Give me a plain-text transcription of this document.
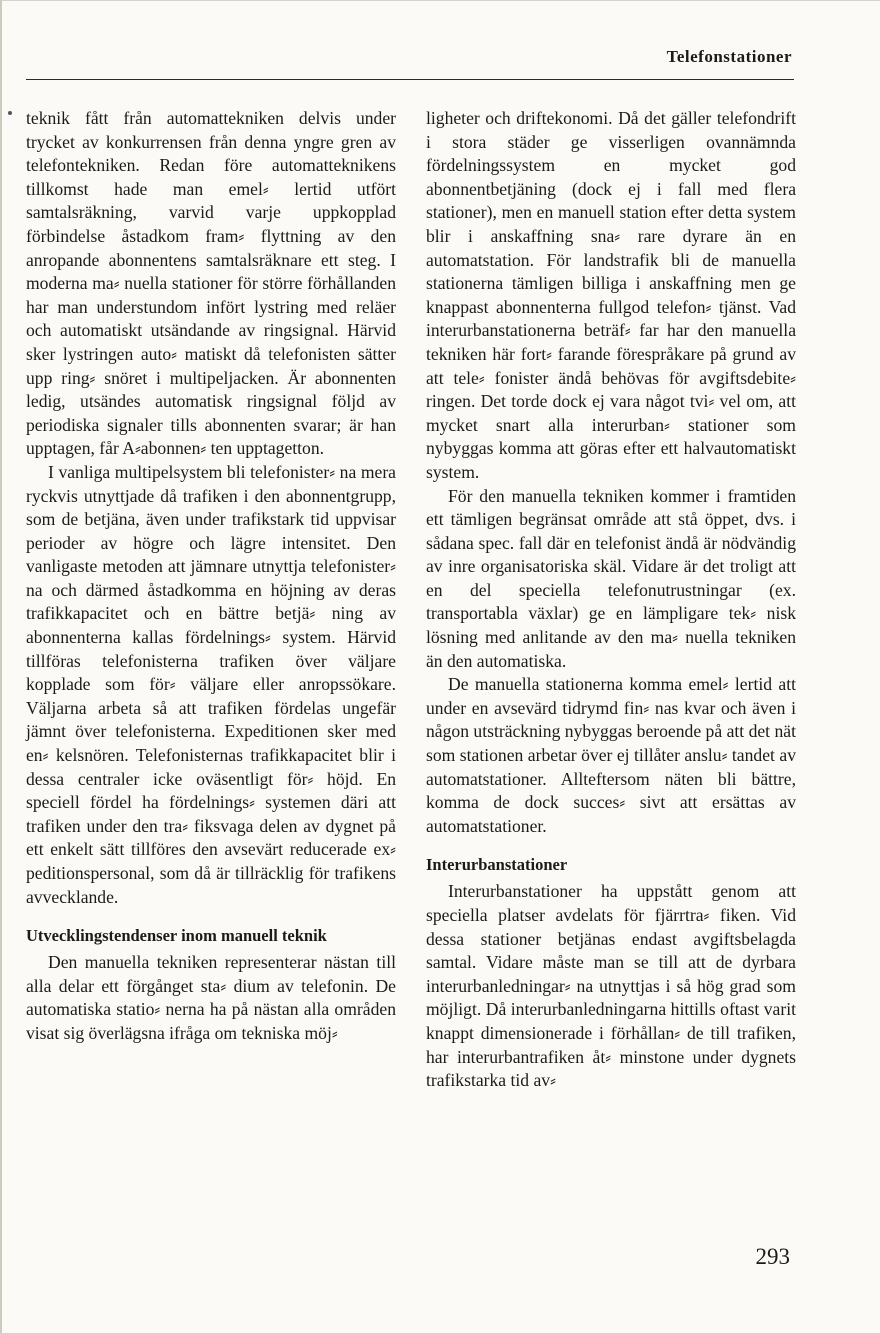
Telefonstationer

teknik fått från automattekniken delvis under trycket av konkurrensen från denna yngre gren av telefontekniken. Redan före automatteknikens tillkomst hade man emel⸗ lertid utfört samtalsräkning, varvid varje uppkopplad förbindelse åstadkom fram⸗ flyttning av den anropande abonnentens samtalsräknare ett steg. I moderna ma⸗ nuella stationer för större förhållanden har man understundom infört lystring med reläer och automatiskt utsändande av ringsignal. Härvid sker lystringen auto⸗ matiskt då telefonisten sätter upp ring⸗ snöret i multipeljacken. Är abonnenten ledig, utsändes automatisk ringsignal följd av periodiska signaler tills abonnenten svarar; är han upptagen, får A⸗abonnen⸗ ten upptagetton.

I vanliga multipelsystem bli telefonister⸗ na mera ryckvis utnyttjade då trafiken i den abonnentgrupp, som de betjäna, även under trafikstark tid uppvisar perioder av högre och lägre intensitet. Den vanligaste metoden att jämnare utnyttja telefonister⸗ na och därmed åstadkomma en höjning av deras trafikkapacitet och en bättre betjä⸗ ning av abonnenterna kallas fördelnings⸗ system. Härvid tillföras telefonisterna trafiken över väljare kopplade som för⸗ väljare eller anropssökare. Väljarna arbeta så att trafiken fördelas ungefär jämnt över telefonisterna. Expeditionen sker med en⸗ kelsnören. Telefonisternas trafikkapacitet blir i dessa centraler icke oväsentligt för⸗ höjd. En speciell fördel ha fördelnings⸗ systemen däri att trafiken under den tra⸗ fiksvaga delen av dygnet på ett enkelt sätt tillföres den avsevärt reducerade ex⸗ peditionspersonal, som då är tillräcklig för trafikens avvecklande.

Utvecklingstendenser inom manuell teknik

Den manuella tekniken representerar nästan till alla delar ett förgånget sta⸗ dium av telefonin. De automatiska statio⸗ nerna ha på nästan alla områden visat sig överlägsna ifråga om tekniska möj⸗

ligheter och driftekonomi. Då det gäller telefondrift i stora städer ge visserligen ovannämnda fördelningssystem en mycket god abonnentbetjäning (dock ej i fall med flera stationer), men en manuell station efter detta system blir i anskaffning sna⸗ rare dyrare än en automatstation. För landstrafik bli de manuella stationerna tämligen billiga i anskaffning men ge knappast abonnenterna fullgod telefon⸗ tjänst. Vad interurbanstationerna beträf⸗ far har den manuella tekniken här fort⸗ farande förespråkare på grund av att tele⸗ fonister ändå behövas för avgiftsdebite⸗ ringen. Det torde dock ej vara något tvi⸗ vel om, att mycket snart alla interurban⸗ stationer som nybyggas komma att göras efter ett halvautomatiskt system.

För den manuella tekniken kommer i framtiden ett tämligen begränsat område att stå öppet, dvs. i sådana spec. fall där en telefonist ändå är nödvändig av inre organisatoriska skäl. Vidare är det troligt att en del speciella telefonutrustningar (ex. transportabla växlar) ge en lämpligare tek⸗ nisk lösning med anlitande av den ma⸗ nuella tekniken än den automatiska.

De manuella stationerna komma emel⸗ lertid att under en avsevärd tidrymd fin⸗ nas kvar och även i någon utsträckning nybyggas beroende på att det nät som stationen arbetar över ej tillåter anslu⸗ tandet av automatstationer. Allteftersom näten bli bättre, komma de dock succes⸗ sivt att ersättas av automatstationer.

Interurbanstationer

Interurbanstationer ha uppstått genom att speciella platser avdelats för fjärrtra⸗ fiken. Vid dessa stationer betjänas endast avgiftsbelagda samtal. Vidare måste man se till att de dyrbara interurbanledningar⸗ na utnyttjas i så hög grad som möjligt. Då interurbanledningarna hittills oftast varit knappt dimensionerade i förhållan⸗ de till trafiken, har interurbantrafiken åt⸗ minstone under dygnets trafikstarka tid av⸗

293
